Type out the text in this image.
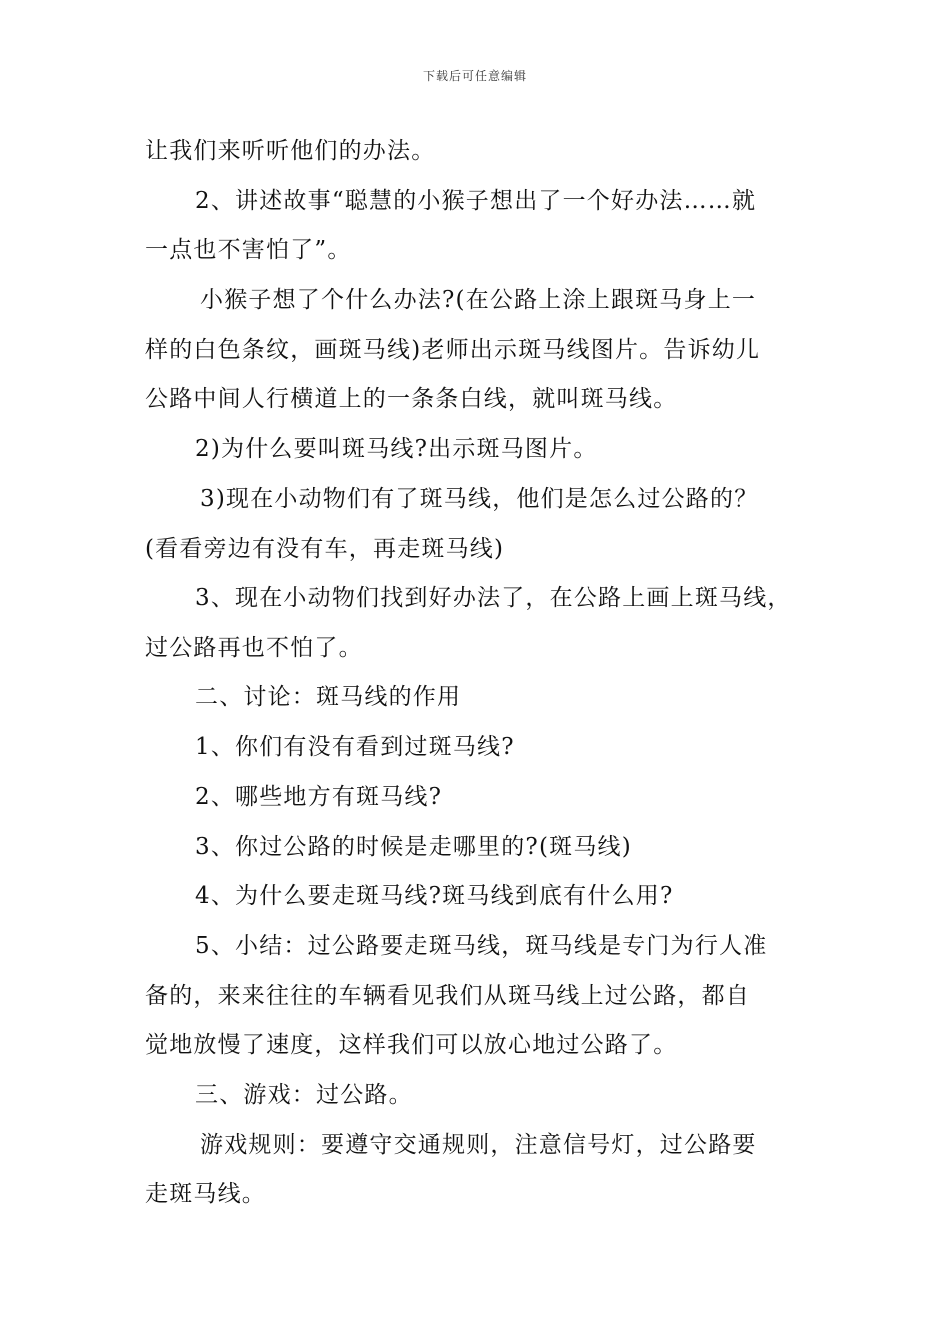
下载后可任意编辑
让我们来听听他们的办法。
2、讲述故事“聪慧的小猴子想出了一个好办法……就
一点也不害怕了”。
小猴子想了个什么办法?(在公路上涂上跟斑马身上一
样的白色条纹，画斑马线)老师出示斑马线图片。告诉幼儿
公路中间人行横道上的一条条白线，就叫斑马线。
2)为什么要叫斑马线?出示斑马图片。
3)现在小动物们有了斑马线，他们是怎么过公路的？
(看看旁边有没有车，再走斑马线)
3、现在小动物们找到好办法了，在公路上画上斑马线，
过公路再也不怕了。
二、讨论：斑马线的作用
1、你们有没有看到过斑马线?
2、哪些地方有斑马线?
3、你过公路的时候是走哪里的?(斑马线)
4、为什么要走斑马线?斑马线到底有什么用?
5、小结：过公路要走斑马线，斑马线是专门为行人准
备的，来来往往的车辆看见我们从斑马线上过公路，都自
觉地放慢了速度，这样我们可以放心地过公路了。
三、游戏：过公路。
游戏规则：要遵守交通规则，注意信号灯，过公路要
走斑马线。
